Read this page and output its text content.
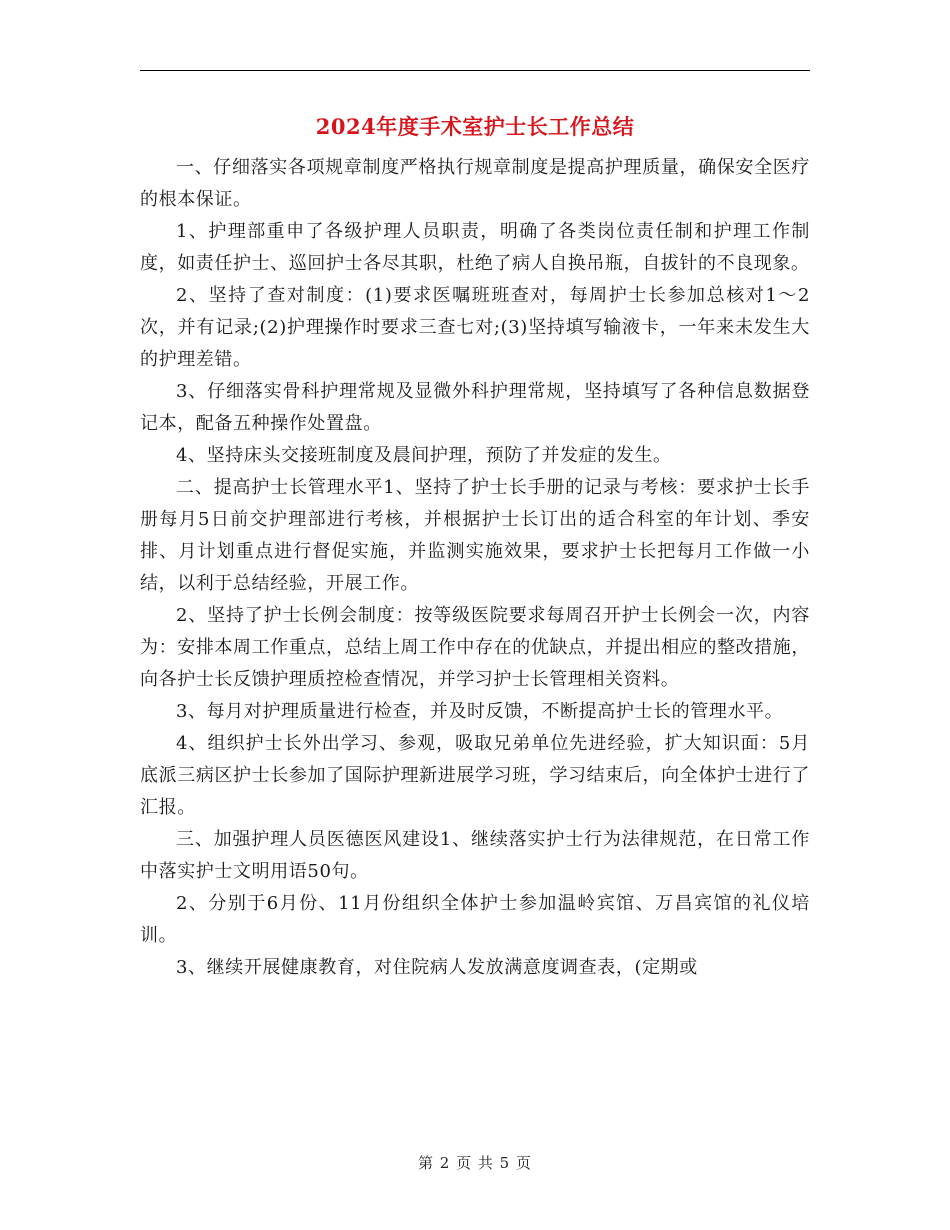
2024年度手术室护士长工作总结

一、仔细落实各项规章制度严格执行规章制度是提高护理质量，确保安全医疗的根本保证。

1、护理部重申了各级护理人员职责，明确了各类岗位责任制和护理工作制度，如责任护士、巡回护士各尽其职，杜绝了病人自换吊瓶，自拔针的不良现象。

2、坚持了查对制度：(1)要求医嘱班班查对，每周护士长参加总核对1～2次，并有记录;(2)护理操作时要求三查七对;(3)坚持填写输液卡，一年来未发生大的护理差错。

3、仔细落实骨科护理常规及显微外科护理常规，坚持填写了各种信息数据登记本，配备五种操作处置盘。

4、坚持床头交接班制度及晨间护理，预防了并发症的发生。

二、提高护士长管理水平1、坚持了护士长手册的记录与考核：要求护士长手册每月5日前交护理部进行考核，并根据护士长订出的适合科室的年计划、季安排、月计划重点进行督促实施，并监测实施效果，要求护士长把每月工作做一小结，以利于总结经验，开展工作。

2、坚持了护士长例会制度：按等级医院要求每周召开护士长例会一次，内容为：安排本周工作重点，总结上周工作中存在的优缺点，并提出相应的整改措施，向各护士长反馈护理质控检查情况，并学习护士长管理相关资料。

3、每月对护理质量进行检查，并及时反馈，不断提高护士长的管理水平。

4、组织护士长外出学习、参观，吸取兄弟单位先进经验，扩大知识面：5月底派三病区护士长参加了国际护理新进展学习班，学习结束后，向全体护士进行了汇报。

三、加强护理人员医德医风建设1、继续落实护士行为法律规范，在日常工作中落实护士文明用语50句。

2、分别于6月份、11月份组织全体护士参加温岭宾馆、万昌宾馆的礼仪培训。

3、继续开展健康教育，对住院病人发放满意度调查表，(定期或

第 2 页 共 5 页
